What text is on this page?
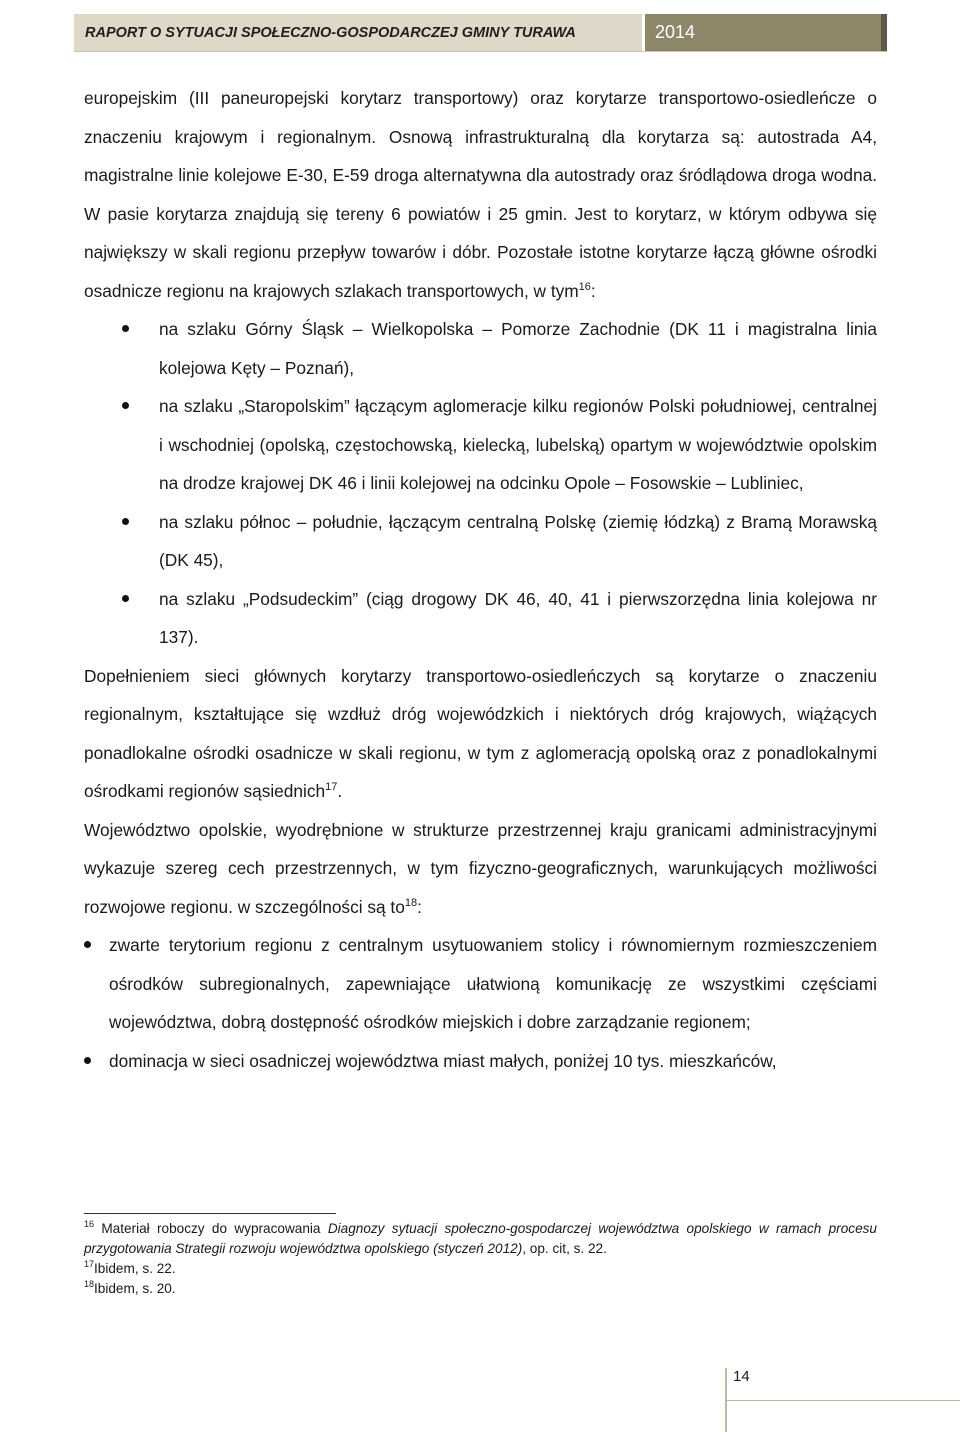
RAPORT O SYTUACJI SPOŁECZNO-GOSPODARCZEJ GMINY TURAWA	2014

europejskim (III paneuropejski korytarz transportowy) oraz korytarze transportowo-osiedleńcze o znaczeniu krajowym i regionalnym. Osnową infrastrukturalną dla korytarza są: autostrada A4, magistralne linie kolejowe E-30, E-59 droga alternatywna dla autostrady oraz śródlądowa droga wodna. W pasie korytarza znajdują się tereny 6 powiatów i 25 gmin. Jest to korytarz, w którym odbywa się największy w skali regionu przepływ towarów i dóbr. Pozostałe istotne korytarze łączą główne ośrodki osadnicze regionu na krajowych szlakach transportowych, w tym$^{16}$:

na szlaku Górny Śląsk – Wielkopolska – Pomorze Zachodnie (DK 11 i magistralna linia kolejowa Kęty – Poznań),
na szlaku „Staropolskim” łączącym aglomeracje kilku regionów Polski południowej, centralnej i wschodniej (opolską, częstochowską, kielecką, lubelską) opartym w województwie opolskim na drodze krajowej DK 46 i linii kolejowej na odcinku Opole – Fosowskie – Lubliniec,
na szlaku północ – południe, łączącym centralną Polskę (ziemię łódzką) z Bramą Morawską (DK 45),
na szlaku „Podsudeckim” (ciąg drogowy DK 46, 40, 41 i pierwszorzędna linia kolejowa nr 137).

Dopełnieniem sieci głównych korytarzy transportowo-osiedleńczych są korytarze o znaczeniu regionalnym, kształtujące się wzdłuż dróg wojewódzkich i niektórych dróg krajowych, wiążących ponadlokalne ośrodki osadnicze w skali regionu, w tym z aglomeracją opolską oraz z ponadlokalnymi ośrodkami regionów sąsiednich$^{17}$.

Województwo opolskie, wyodrębnione w strukturze przestrzennej kraju granicami administracyjnymi wykazuje szereg cech przestrzennych, w tym fizyczno-geograficznych, warunkujących możliwości rozwojowe regionu. w szczególności są $to^{18}$:

zwarte terytorium regionu z centralnym usytuowaniem stolicy i równomiernym rozmieszczeniem ośrodków subregionalnych, zapewniające ułatwioną komunikację ze wszystkimi częściami województwa, dobrą dostępność ośrodków miejskich i dobre zarządzanie regionem;
dominacja w sieci osadniczej województwa miast małych, poniżej 10 tys. mieszkańców,

$^{16}$ Materiał roboczy do wypracowania Diagnozy sytuacji społeczno-gospodarczej województwa opolskiego w ramach procesu przygotowania Strategii rozwoju województwa opolskiego (styczeń 2012), op. cit, s. 22.

$^{17}$Ibidem, s. 22.

$^{18}$Ibidem, s. 20.

14
